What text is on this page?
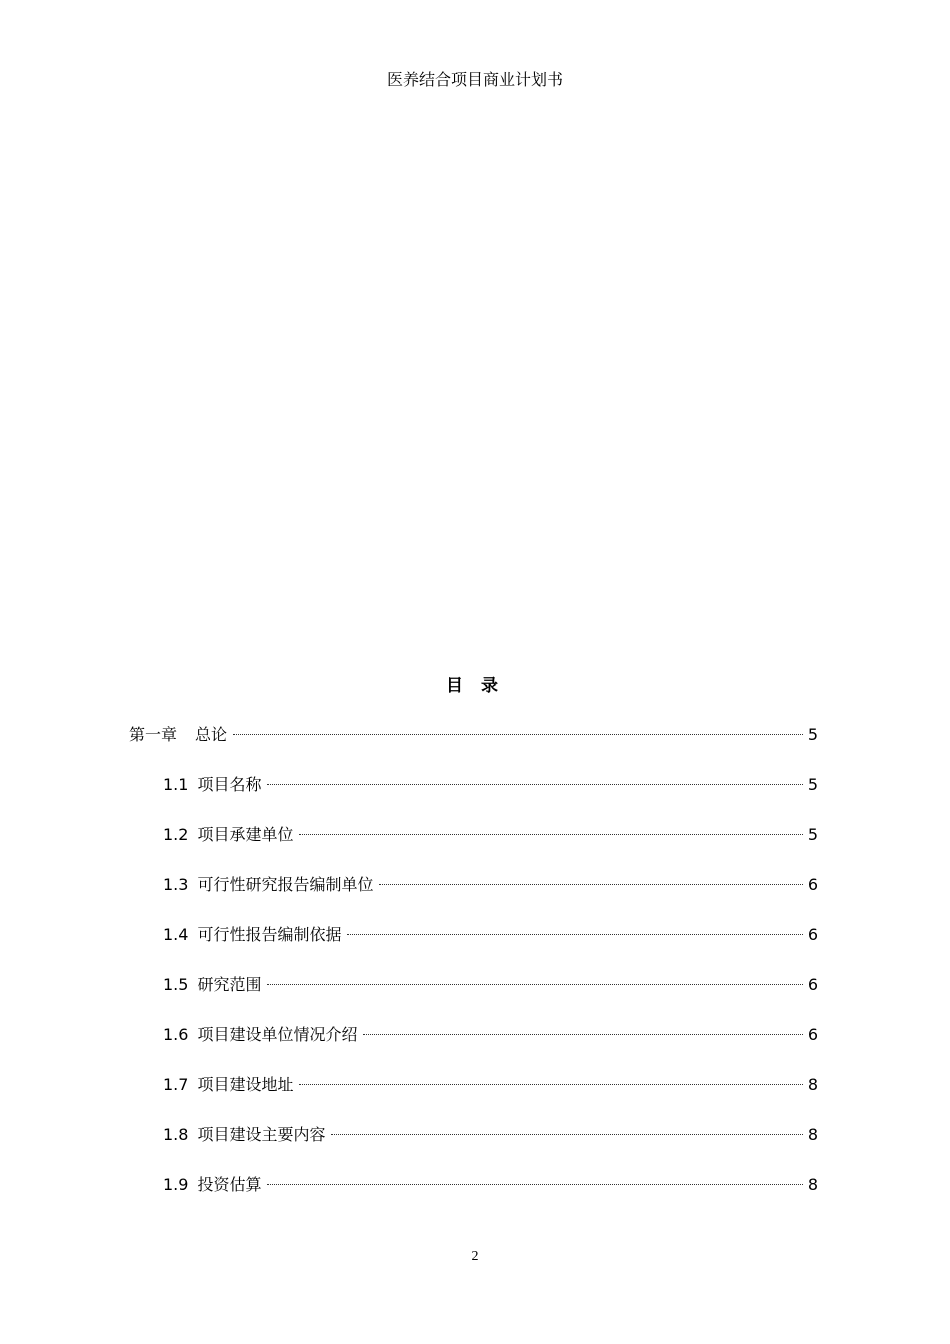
医养结合项目商业计划书
目 录
第一章 总论	5
1.1 项目名称	5
1.2 项目承建单位	5
1.3 可行性研究报告编制单位	6
1.4 可行性报告编制依据	6
1.5 研究范围	6
1.6 项目建设单位情况介绍	6
1.7 项目建设地址	8
1.8 项目建设主要内容	8
1.9 投资估算	8
2
